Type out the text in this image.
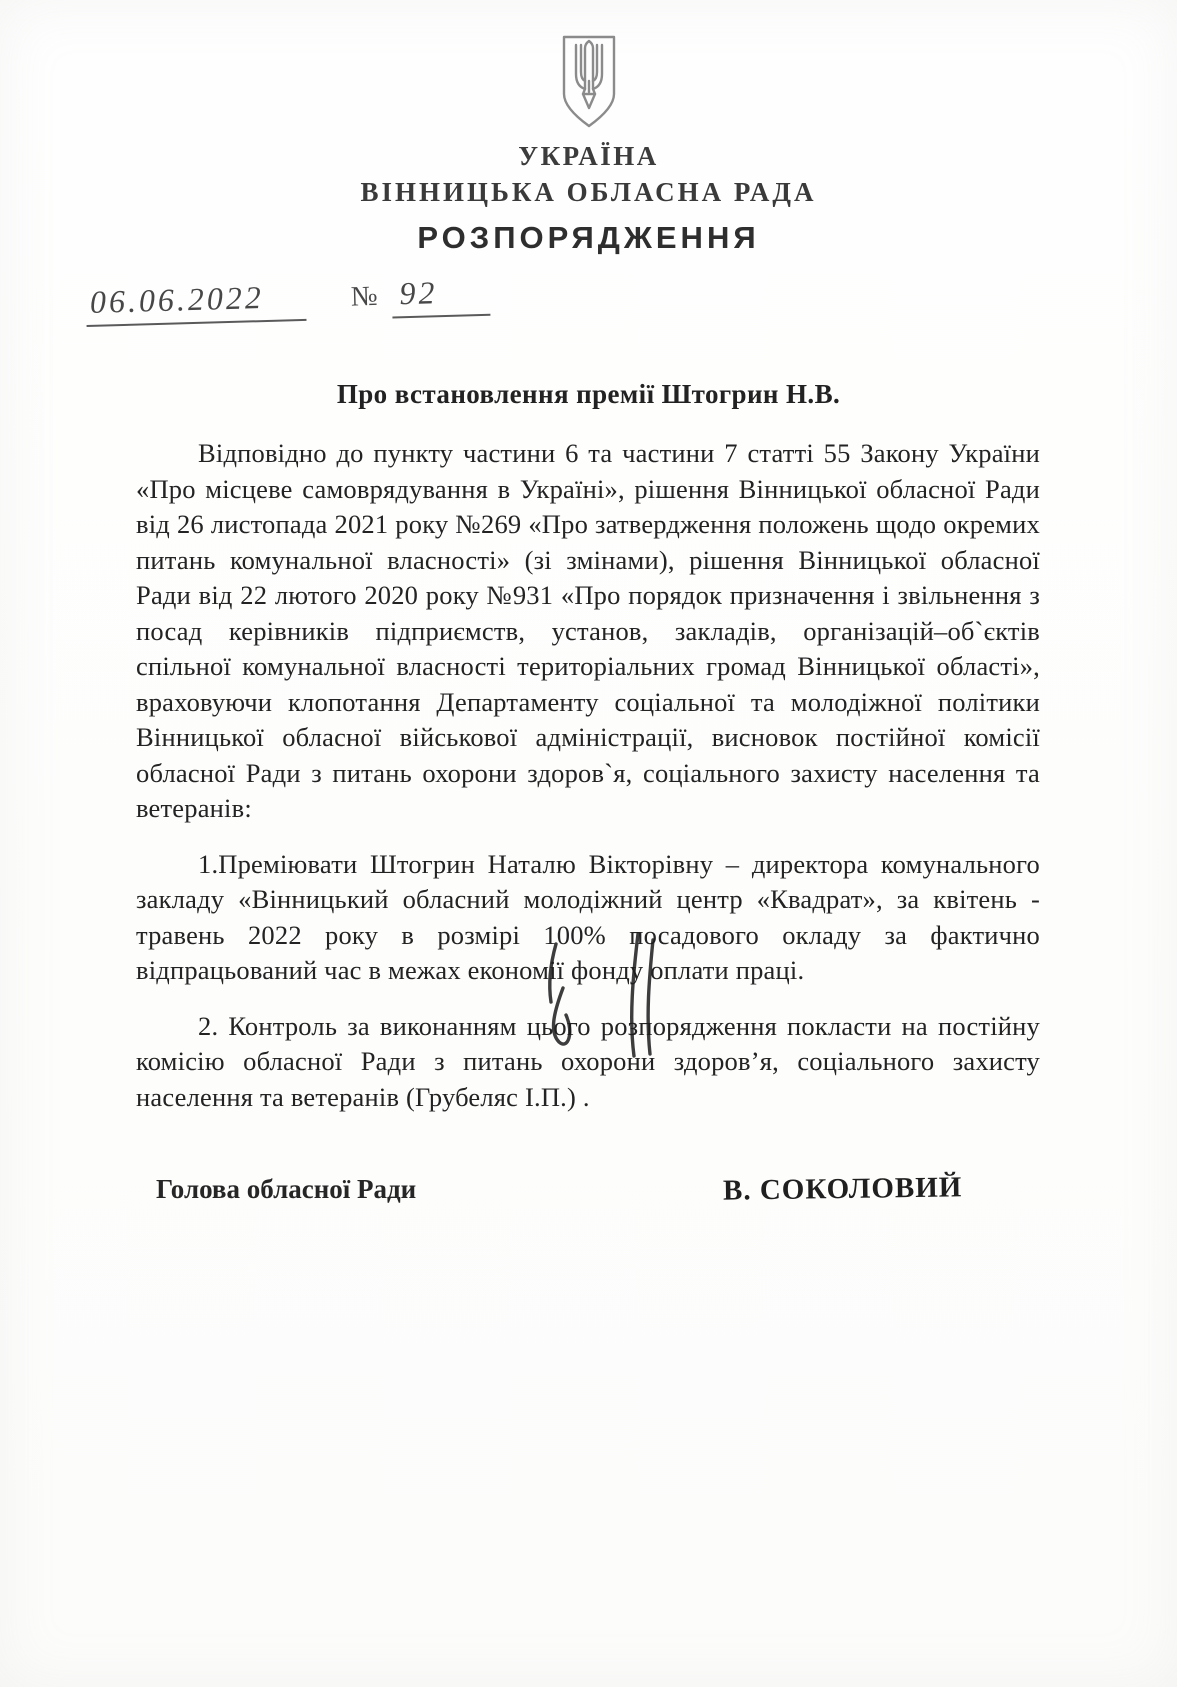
УКРАЇНА
ВІННИЦЬКА ОБЛАСНА РАДА
РОЗПОРЯДЖЕННЯ
06.06.2022	№ 92
Про встановлення премії Штогрин Н.В.

Відповідно до пункту частини 6 та частини 7 статті 55 Закону України «Про місцеве самоврядування в Україні», рішення Вінницької обласної Ради від 26 листопада 2021 року №269 «Про затвердження положень щодо окремих питань комунальної власності» (зі змінами), рішення Вінницької обласної Ради від 22 лютого 2020 року №931 «Про порядок призначення і звільнення з посад керівників підприємств, установ, закладів, організацій–об`єктів спільної комунальної власності територіальних громад Вінницької області», враховуючи клопотання Департаменту соціальної та молодіжної політики Вінницької обласної військової адміністрації, висновок постійної комісії обласної Ради з питань охорони здоров`я, соціального захисту населення та ветеранів:

1.Преміювати Штогрин Наталю Вікторівну – директора комунального закладу «Вінницький обласний молодіжний центр «Квадрат», за квітень - травень 2022 року в розмірі 100% посадового окладу за фактично відпрацьований час в межах економії фонду оплати праці.

2. Контроль за виконанням цього розпорядження покласти на постійну комісію обласної Ради з питань охорони здоров’я, соціального захисту населення та ветеранів (Грубеляс І.П.) .

Голова обласної Ради	В. СОКОЛОВИЙ
